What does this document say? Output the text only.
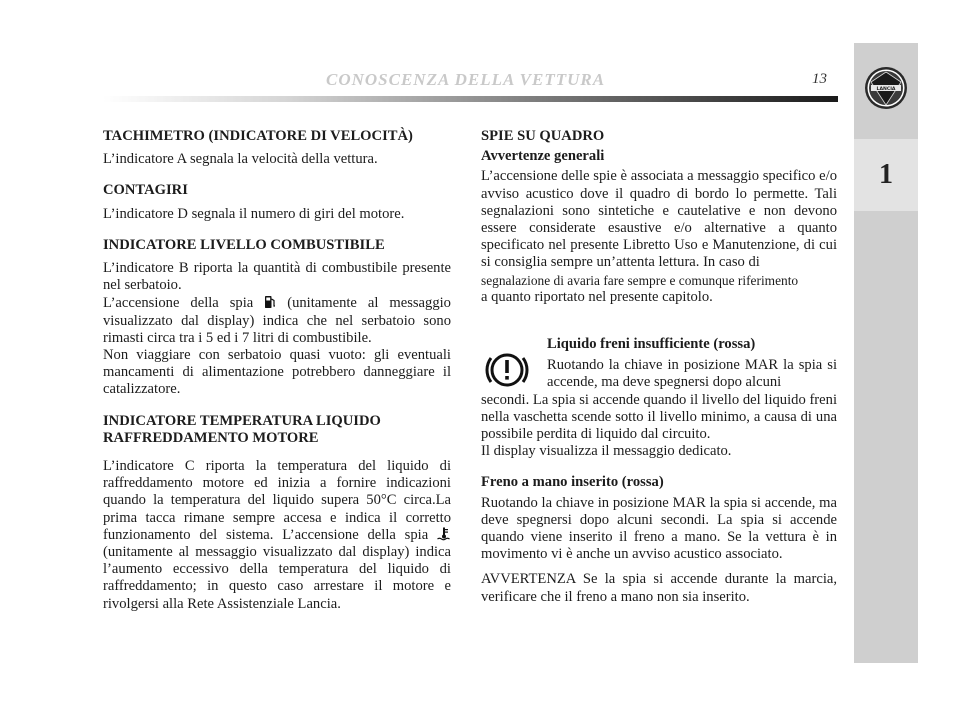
CONOSCENZA DELLA VETTURA	13
LANCIA
1
TACHIMETRO (INDICATORE DI VELOCITÀ)

L’indicatore A segnala la velocità della vettura.

CONTAGIRI

L’indicatore D segnala il numero di giri del motore.

INDICATORE LIVELLO COMBUSTIBILE

L’indicatore B riporta la quantità di combustibile presente nel serbatoio.

L’accensione della spia (unitamente al messaggio visualizzato dal display) indica che nel serbatoio sono rimasti circa tra i 5 ed i 7 litri di combustibile.

Non viaggiare con serbatoio quasi vuoto: gli eventuali mancamenti di alimentazione potrebbero danneggiare il catalizzatore.

INDICATORE TEMPERATURA LIQUIDO
RAFFREDDAMENTO MOTORE

L’indicatore C riporta la temperatura del liquido di raffreddamento motore ed inizia a fornire indicazioni quando la temperatura del liquido supera 50°C circa.La prima tacca rimane sempre accesa e indica il corretto funzionamento del sistema. L’accensione della spia  (unitamente al messaggio visualizzato dal display) indica l’aumento eccessivo della temperatura del liquido di raffreddamento; in questo caso arrestare il motore e rivolgersi alla Rete Assistenziale Lancia.

SPIE SU QUADRO
Avvertenze generali

L’accensione delle spie è associata a messaggio specifico e/o avviso acustico dove il quadro di bordo lo permette. Tali segnalazioni sono sintetiche e cautelative e non devono essere considerate esaustive e/o alternative a quanto specificato nel presente Libretto Uso e Manutenzione, di cui si consiglia sempre un’attenta lettura. In caso di

segnalazione di avaria fare sempre e comunque riferimento

a quanto riportato nel presente capitolo.

Liquido freni insufficiente (rossa)

Ruotando la chiave in posizione MAR la spia si accende, ma deve spegnersi dopo alcuni

secondi. La spia si accende quando il livello del liquido freni nella vaschetta scende sotto il livello minimo, a causa di una possibile perdita di liquido dal circuito.

Il display visualizza il messaggio dedicato.

Freno a mano inserito (rossa)

Ruotando la chiave in posizione MAR la spia si accende, ma deve spegnersi dopo alcuni secondi. La spia si accende quando viene inserito il freno a mano. Se la vettura è in movimento vi è anche un avviso acustico associato.

AVVERTENZA Se la spia si accende durante la marcia, verificare che il freno a mano non sia inserito.
